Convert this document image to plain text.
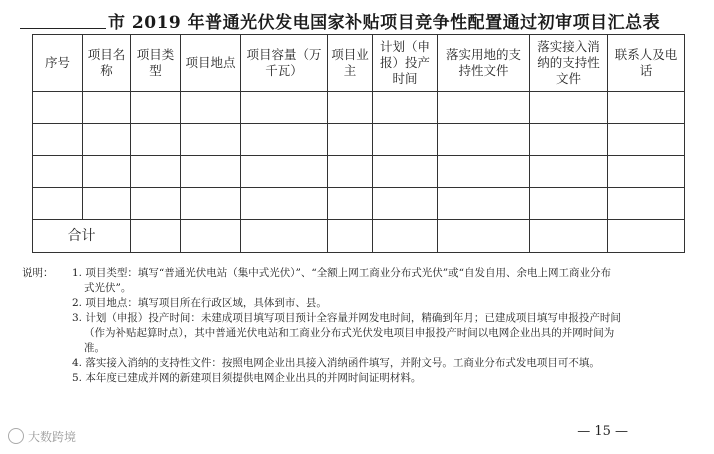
市 2019 年普通光伏发电国家补贴项目竞争性配置通过初审项目汇总表
序号	项目名称	项目类型	项目地点	项目容量（万千瓦）	项目业主	计划（申报）投产时间	落实用地的支持性文件	落实接入消纳的支持性文件	联系人及电话

合计									
说明： 1. 项目类型：填写“普通光伏电站（集中式光伏）”、“全额上网工商业分布式光伏”或“自发自用、余电上网工商业分布
式光伏”。
2. 项目地点：填写项目所在行政区域，具体到市、县。
3. 计划（申报）投产时间：未建成项目填写项目预计全容量并网发电时间，精确到年月；已建成项目填写申报投产时间
（作为补贴起算时点），其中普通光伏电站和工商业分布式光伏发电项目申报投产时间以电网企业出具的并网时间为
准。
4. 落实接入消纳的支持性文件：按照电网企业出具接入消纳函件填写，并附文号。工商业分布式发电项目可不填。
5. 本年度已建成并网的新建项目须提供电网企业出具的并网时间证明材料。
大数跨境	— 15 —
